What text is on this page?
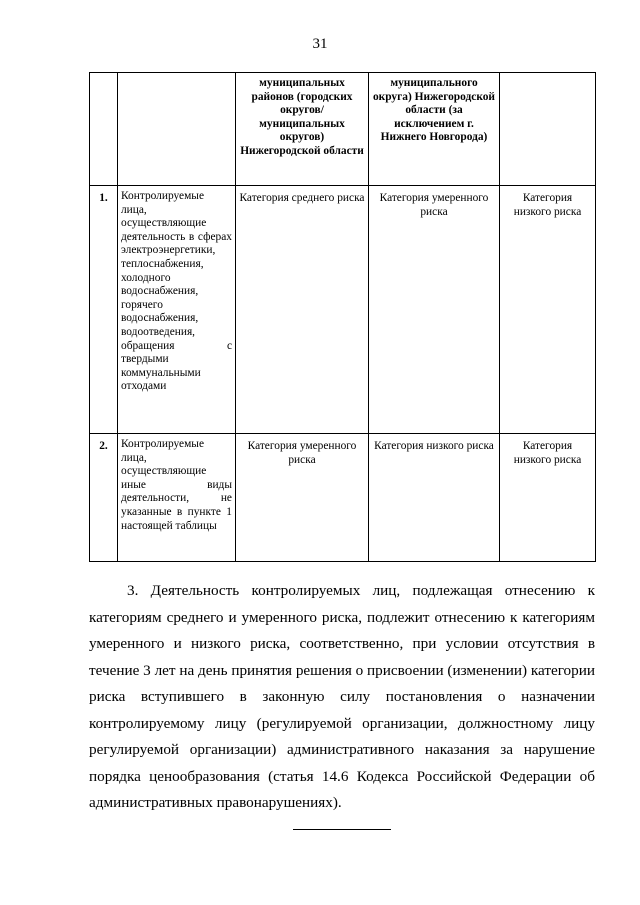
31
		муниципальных районов (городских округов/ муниципальных округов) Нижегородской области	муниципального округа) Нижегородской области (за исключением г. Нижнего Новгорода)	
1.	Контролируемые лица, осуществляющие деятельность в сферах электроэнергетики, теплоснабжения, холодного водоснабжения, горячего водоснабжения, водоотведения, обращения с твердыми коммунальными отходами	Категория среднего риска	Категория умеренного риска	Категория низкого риска
2.	Контролируемые лица, осуществляющие иные виды деятельности, не указанные в пункте 1 настоящей таблицы	Категория умеренного риска	Категория низкого риска	Категория низкого риска

3. Деятельность контролируемых лиц, подлежащая отнесению к категориям среднего и умеренного риска, подлежит отнесению к категориям умеренного и низкого риска, соответственно, при условии отсутствия в течение 3 лет на день принятия решения о присвоении (изменении) категории риска вступившего в законную силу постановления о назначении контролируемому лицу (регулируемой организации, должностному лицу регулируемой организации) административного наказания за нарушение порядка ценообразования (статья 14.6 Кодекса Российской Федерации об административных правонарушениях).
